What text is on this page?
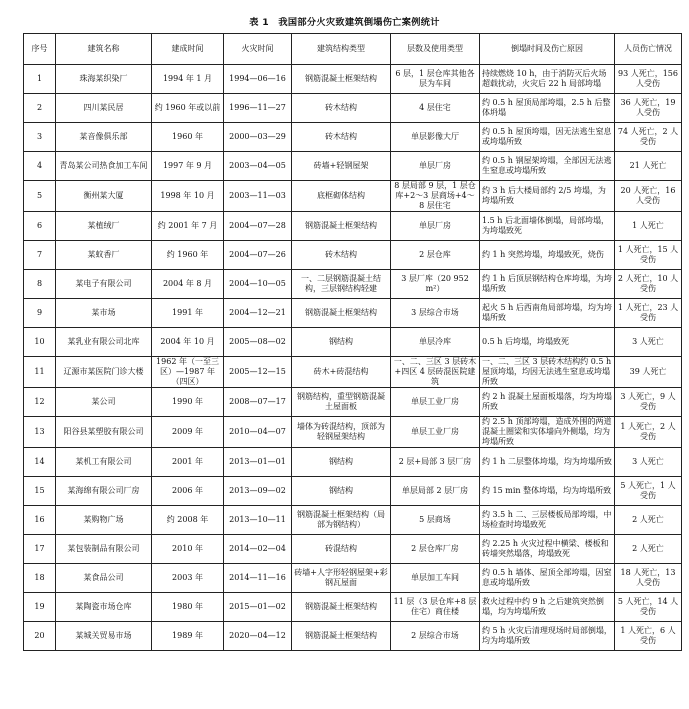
表 1　我国部分火灾致建筑倒塌伤亡案例统计
序号	建筑名称	建成时间	火灾时间	建筑结构类型	层数及使用类型	倒塌时间及伤亡原因	人员伤亡情况
1	珠海某织染厂	1994 年 1 月	1994—06—16	钢筋混凝土框架结构	6 层，1 层仓库其他各层为车间	持续燃烧 10 h，由于消防灭后火场超载扰动，火灾后 22 h 局部垮塌	93 人死亡，156 人受伤
2	四川某民居	约 1960 年或以前	1996—11—27	砖木结构	4 层住宅	约 0.5 h 屋顶局部垮塌，2.5 h 后整体坍塌	36 人死亡，19 人受伤
3	某音像俱乐部	1960 年	2000—03—29	砖木结构	单层影像大厅	约 0.5 h 屋顶垮塌，因无法逃生窒息或垮塌所致	74 人死亡，2 人受伤
4	青岛某公司热食加工车间	1997 年 9 月	2003—04—05	砖墙+轻钢屋架	单层厂房	约 0.5 h 钢屋架垮塌，全部因无法逃生窒息或垮塌所致	21 人死亡
5	衡州某大厦	1998 年 10 月	2003—11—03	底框砌体结构	8 层局部 9 层，1 层仓库+2～3 层商场+4～8 层住宅	约 3 h 后大楼局部约 2/5 垮塌，为垮塌所致	20 人死亡，16 人受伤
6	某植绒厂	约 2001 年 7 月	2004—07—28	钢筋混凝土框架结构	单层厂房	1.5 h 后北面墙体倒塌，局部垮塌，为垮塌致死	1 人死亡
7	某蚊香厂	约 1960 年	2004—07—26	砖木结构	2 层仓库	约 1 h 突然垮塌，垮塌致死，烧伤	1 人死亡，15 人受伤
8	某电子有限公司	2004 年 8 月	2004—10—05	一、二层钢筋混凝土结构，三层钢结构轻建	3 层厂库（20 952 m²）	约 1 h 后顶层钢结构仓库垮塌，为垮塌所致	2 人死亡，10 人受伤
9	某市场	1991 年	2004—12—21	钢筋混凝土框架结构	3 层综合市场	起火 5 h 后西南角局部垮塌，均为垮塌所致	1 人死亡，23 人受伤
10	某乳业有限公司北库	2004 年 10 月	2005—08—02	钢结构	单层冷库	0.5 h 后垮塌，垮塌致死	3 人死亡
11	辽源市某医院门诊大楼	1962 年（一至三区）—1987 年（四区）	2005—12—15	砖木+砖混结构	一、二、三区 3 层砖木+四区 4 层砖混医院建筑	一、二、三区 3 层砖木结构约 0.5 h 屋顶垮塌，均因无法逃生窒息或垮塌所致	39 人死亡
12	某公司	1990 年	2008—07—17	钢筋结构，重型钢筋混凝土屋面板	单层工业厂房	约 2 h 混凝土屋面板塌落，均为垮塌所致	3 人死亡，9 人受伤
13	阳谷县某塑胶有限公司	2009 年	2010—04—07	墙体为砖混结构，顶部为轻钢屋架结构	单层工业厂房	约 2.5 h 顶部垮塌，造成外围的两道混凝土圈梁和实体墙向外侧塌，均为垮塌所致	1 人死亡，2 人受伤
14	某机工有限公司	2001 年	2013—01—01	钢结构	2 层+局部 3 层厂房	约 1 h 二层整体垮塌，均为垮塌所致	3 人死亡
15	某海绵有限公司厂房	2006 年	2013—09—02	钢结构	单层局部 2 层厂房	约 15 min 整体垮塌，均为垮塌所致	5 人死亡，1 人受伤
16	某购物广场	约 2008 年	2013—10—11	钢筋混凝土框架结构（局部为钢结构）	5 层商场	约 3.5 h 二、三层楼板局部垮塌，中场检查时垮塌致死	2 人死亡
17	某包装制品有限公司	2010 年	2014—02—04	砖混结构	2 层仓库厂房	约 2.25 h 火灾过程中横梁、楼板和砖墙突然塌落，垮塌致死	2 人死亡
18	某食品公司	2003 年	2014—11—16	砖墙+人字形轻钢屋架+彩钢瓦屋面	单层加工车间	约 0.5 h 墙体、屋顶全部垮塌，因窒息或垮塌所致	18 人死亡，13 人受伤
19	某陶瓷市场仓库	1980 年	2015—01—02	钢筋混凝土框架结构	11 层（3 层仓库+8 层住宅）商住楼	救火过程中约 9 h 之后建筑突然倒塌，均为垮塌所致	5 人死亡，14 人受伤
20	某城关贸易市场	1989 年	2020—04—12	钢筋混凝土框架结构	2 层综合市场	约 5 h 火灾后清理现场时局部倒塌，均为垮塌所致	1 人死亡，6 人受伤
